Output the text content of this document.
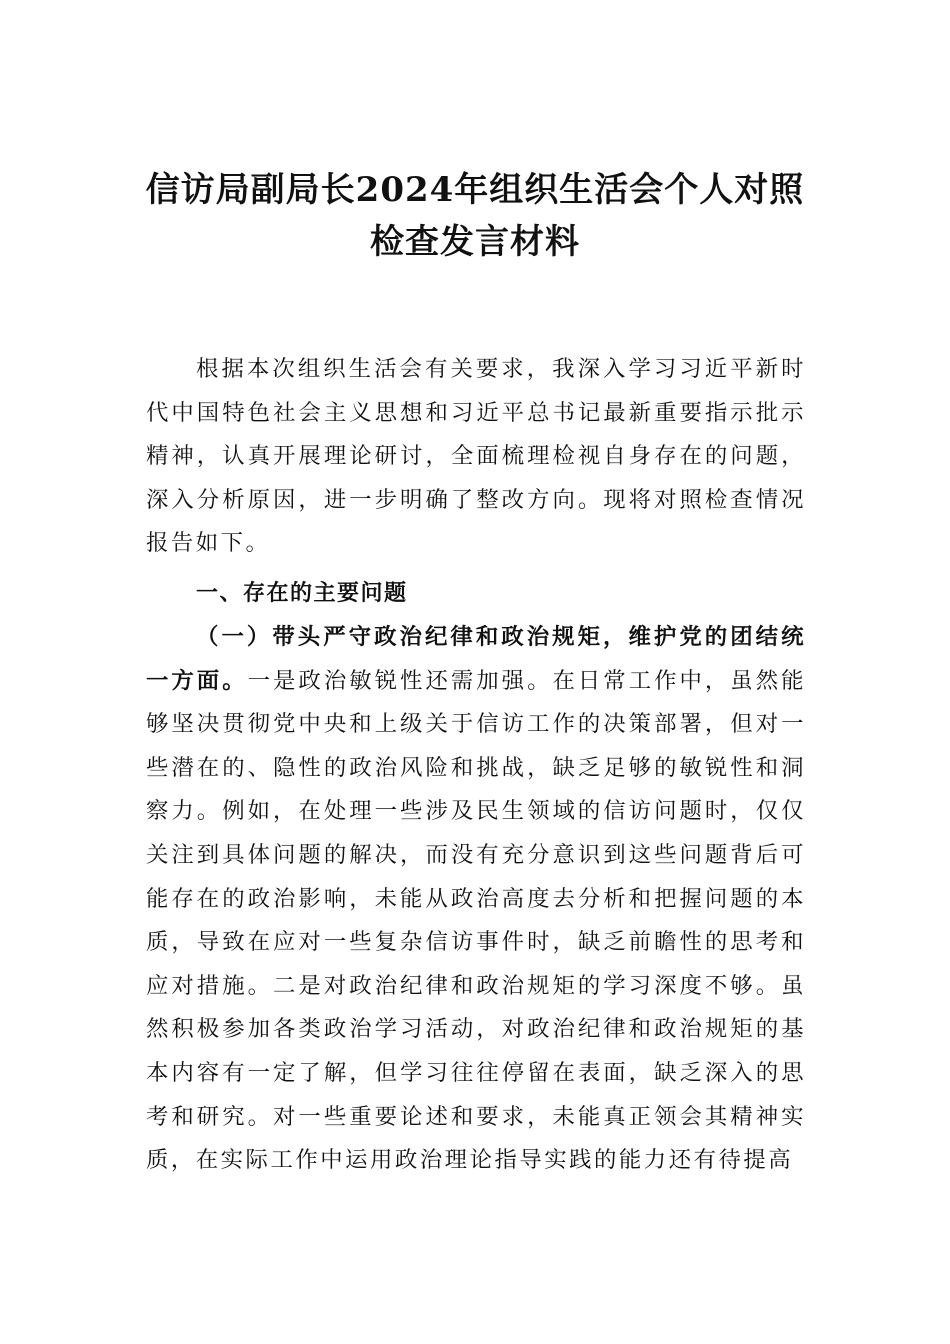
信访局副局长2024年组织生活会个人对照
检查发言材料

根据本次组织生活会有关要求，我深入学习习近平新时代中国特色社会主义思想和习近平总书记最新重要指示批示精神，认真开展理论研讨，全面梳理检视自身存在的问题，深入分析原因，进一步明确了整改方向。现将对照检查情况报告如下。

一、存在的主要问题

（一）带头严守政治纪律和政治规矩，维护党的团结统一方面。一是政治敏锐性还需加强。在日常工作中，虽然能够坚决贯彻党中央和上级关于信访工作的决策部署，但对一些潜在的、隐性的政治风险和挑战，缺乏足够的敏锐性和洞察力。例如，在处理一些涉及民生领域的信访问题时，仅仅关注到具体问题的解决，而没有充分意识到这些问题背后可能存在的政治影响，未能从政治高度去分析和把握问题的本质，导致在应对一些复杂信访事件时，缺乏前瞻性的思考和应对措施。二是对政治纪律和政治规矩的学习深度不够。虽然积极参加各类政治学习活动，对政治纪律和政治规矩的基本内容有一定了解，但学习往往停留在表面，缺乏深入的思考和研究。对一些重要论述和要求，未能真正领会其精神实质，在实际工作中运用政治理论指导实践的能力还有待提高
